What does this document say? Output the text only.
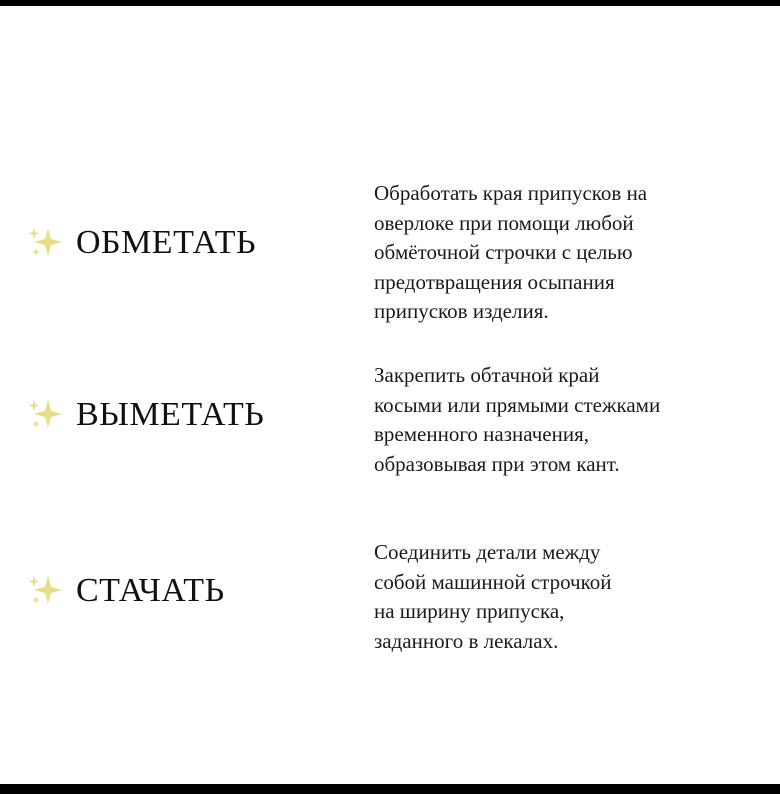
ОБМЕТАТЬ

Обработать края припусков на
оверлоке при помощи любой
обмёточной строчки с целью
предотвращения осыпания
припусков изделия.

ВЫМЕТАТЬ

Закрепить обтачной край
косыми или прямыми стежками
временного назначения,
образовывая при этом кант.

СТАЧАТЬ

Соединить детали между
собой машинной строчкой
на ширину припуска,
заданного в лекалах.
